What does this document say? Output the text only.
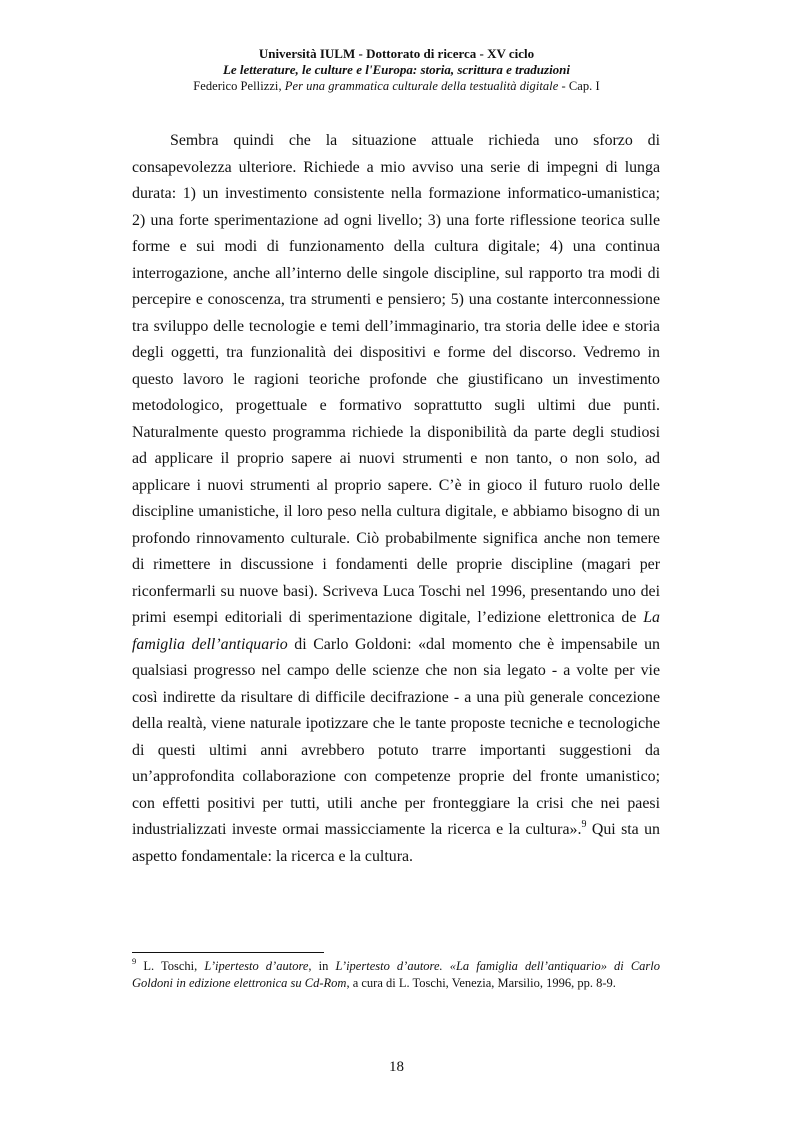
Università IULM - Dottorato di ricerca - XV ciclo
Le letterature, le culture e l'Europa: storia, scrittura e traduzioni
Federico Pellizzi, Per una grammatica culturale della testualità digitale - Cap. I
Sembra quindi che la situazione attuale richieda uno sforzo di
consapevolezza ulteriore. Richiede a mio avviso una serie di impegni di lunga
durata: 1) un investimento consistente nella formazione informatico-umanistica;
2) una forte sperimentazione ad ogni livello; 3) una forte riflessione teorica sulle
forme e sui modi di funzionamento della cultura digitale; 4) una continua
interrogazione, anche all’interno delle singole discipline, sul rapporto tra modi di
percepire e conoscenza, tra strumenti e pensiero; 5) una costante interconnessione
tra sviluppo delle tecnologie e temi dell’immaginario, tra storia delle idee e storia
degli oggetti, tra funzionalità dei dispositivi e forme del discorso. Vedremo in
questo lavoro le ragioni teoriche profonde che giustificano un investimento
metodologico, progettuale e formativo soprattutto sugli ultimi due punti.
Naturalmente questo programma richiede la disponibilità da parte degli studiosi
ad applicare il proprio sapere ai nuovi strumenti e non tanto, o non solo, ad
applicare i nuovi strumenti al proprio sapere. C’è in gioco il futuro ruolo delle
discipline umanistiche, il loro peso nella cultura digitale, e abbiamo bisogno di un
profondo rinnovamento culturale. Ciò probabilmente significa anche non temere
di rimettere in discussione i fondamenti delle proprie discipline (magari per
riconfermarli su nuove basi). Scriveva Luca Toschi nel 1996, presentando uno dei
primi esempi editoriali di sperimentazione digitale, l’edizione elettronica de La
famiglia dell’antiquario di Carlo Goldoni: «dal momento che è impensabile un
qualsiasi progresso nel campo delle scienze che non sia legato - a volte per vie
così indirette da risultare di difficile decifrazione - a una più generale concezione
della realtà, viene naturale ipotizzare che le tante proposte tecniche e tecnologiche
di questi ultimi anni avrebbero potuto trarre importanti suggestioni da
un’approfondita collaborazione con competenze proprie del fronte umanistico;
con effetti positivi per tutti, utili anche per fronteggiare la crisi che nei paesi
industrializzati investe ormai massicciamente la ricerca e la cultura».$^9$ Qui sta un
aspetto fondamentale: la ricerca e la cultura.
$^9$ L. Toschi, L’ipertesto d’autore, in L’ipertesto d’autore. «La famiglia dell’antiquario» di Carlo
Goldoni in edizione elettronica su Cd-Rom, a cura di L. Toschi, Venezia, Marsilio, 1996, pp. 8-9.
18
